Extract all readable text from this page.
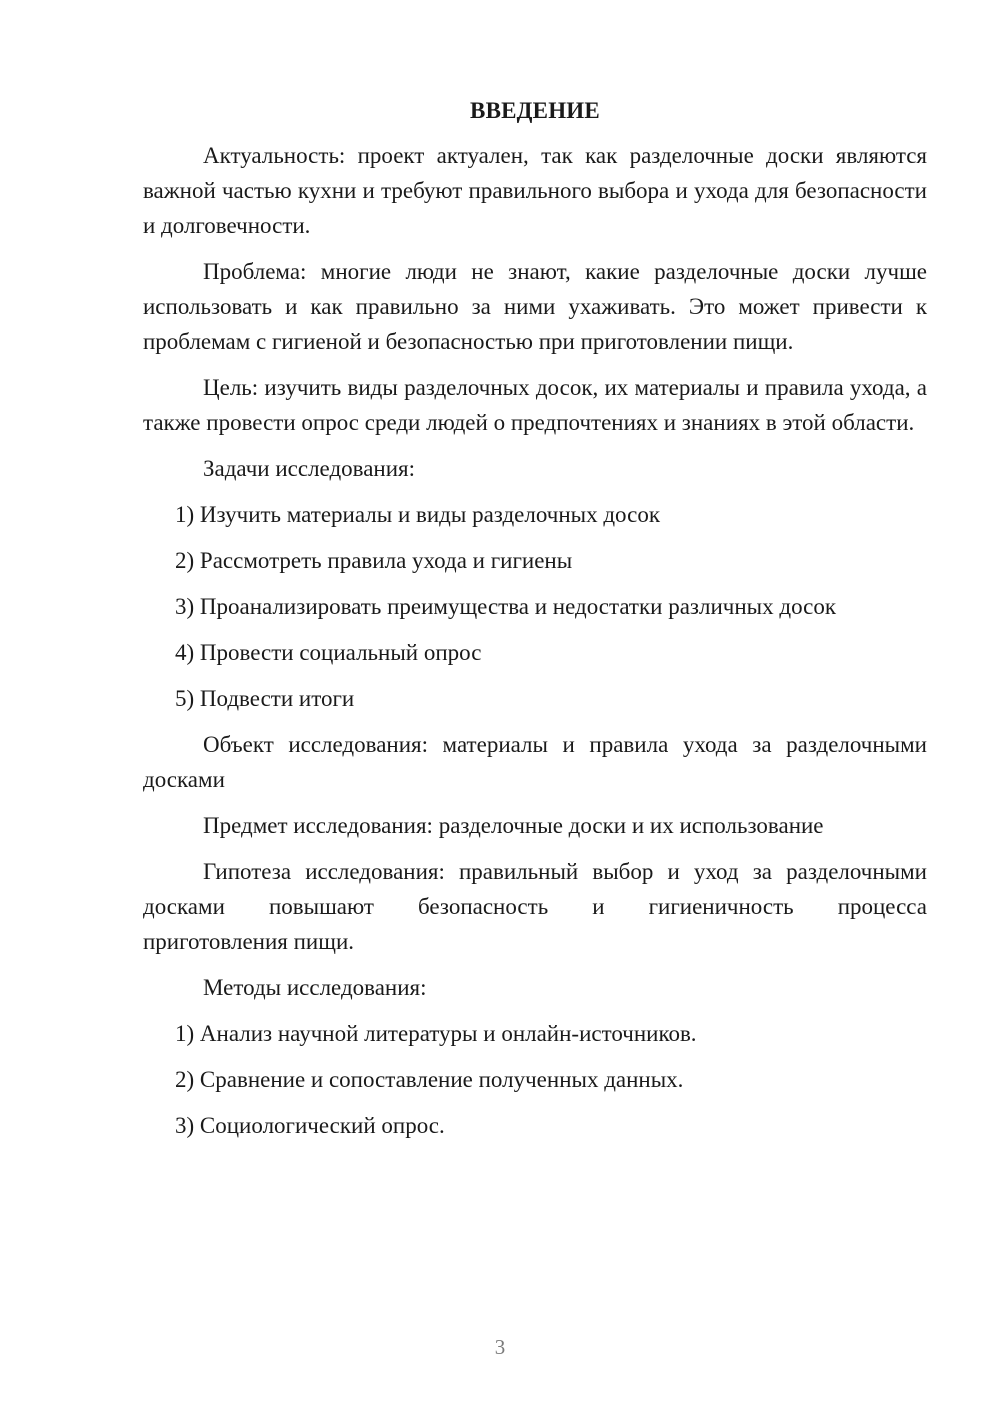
ВВЕДЕНИЕ

Актуальность: проект актуален, так как разделочные доски являются важной частью кухни и требуют правильного выбора и ухода для безопасности и долговечности.

Проблема: многие люди не знают, какие разделочные доски лучше использовать и как правильно за ними ухаживать. Это может привести к проблемам с гигиеной и безопасностью при приготовлении пищи.

Цель: изучить виды разделочных досок, их материалы и правила ухода, а также провести опрос среди людей о предпочтениях и знаниях в этой области.

Задачи исследования:
1) Изучить материалы и виды разделочных досок
2) Рассмотреть правила ухода и гигиены
3) Проанализировать преимущества и недостатки различных досок
4) Провести социальный опрос
5) Подвести итоги

Объект исследования: материалы и правила ухода за разделочными досками

Предмет исследования: разделочные доски и их использование

Гипотеза исследования: правильный выбор и уход за разделочными досками повышают безопасность и гигиеничность процесса
приготовления пищи.

Методы исследования:
1) Анализ научной литературы и онлайн-источников.
2) Сравнение и сопоставление полученных данных.
3) Социологический опрос.
3
